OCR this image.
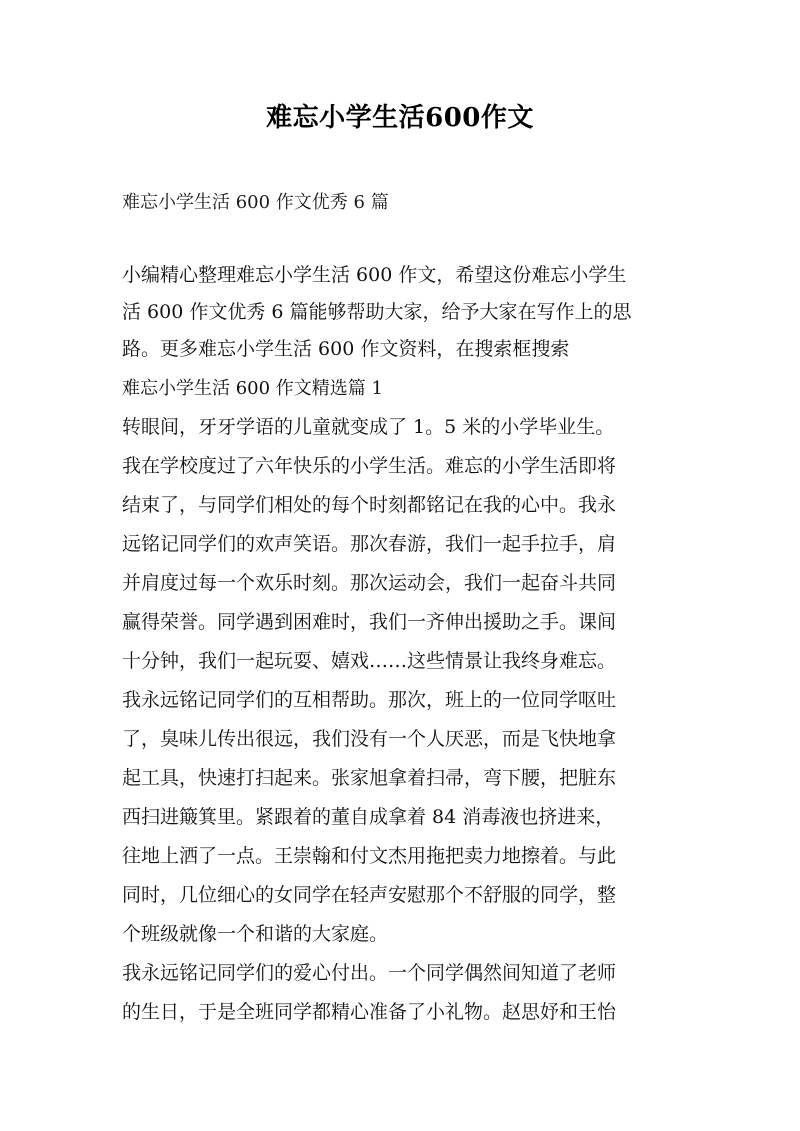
难忘小学生活600作文
难忘小学生活 600 作文优秀 6 篇
小编精心整理难忘小学生活 600 作文，希望这份难忘小学生
活 600 作文优秀 6 篇能够帮助大家，给予大家在写作上的思
路。更多难忘小学生活 600 作文资料，在搜索框搜索
难忘小学生活 600 作文精选篇 1
转眼间，牙牙学语的儿童就变成了 1。5 米的小学毕业生。
我在学校度过了六年快乐的小学生活。难忘的小学生活即将
结束了，与同学们相处的每个时刻都铭记在我的心中。我永
远铭记同学们的欢声笑语。那次春游，我们一起手拉手，肩
并肩度过每一个欢乐时刻。那次运动会，我们一起奋斗共同
赢得荣誉。同学遇到困难时，我们一齐伸出援助之手。课间
十分钟，我们一起玩耍、嬉戏……这些情景让我终身难忘。
我永远铭记同学们的互相帮助。那次，班上的一位同学呕吐
了，臭味儿传出很远，我们没有一个人厌恶，而是飞快地拿
起工具，快速打扫起来。张家旭拿着扫帚，弯下腰，把脏东
西扫进簸箕里。紧跟着的董自成拿着 84 消毒液也挤进来，
往地上洒了一点。王崇翰和付文杰用拖把卖力地擦着。与此
同时，几位细心的女同学在轻声安慰那个不舒服的同学，整
个班级就像一个和谐的大家庭。
我永远铭记同学们的爱心付出。一个同学偶然间知道了老师
的生日，于是全班同学都精心准备了小礼物。赵思妤和王怡
